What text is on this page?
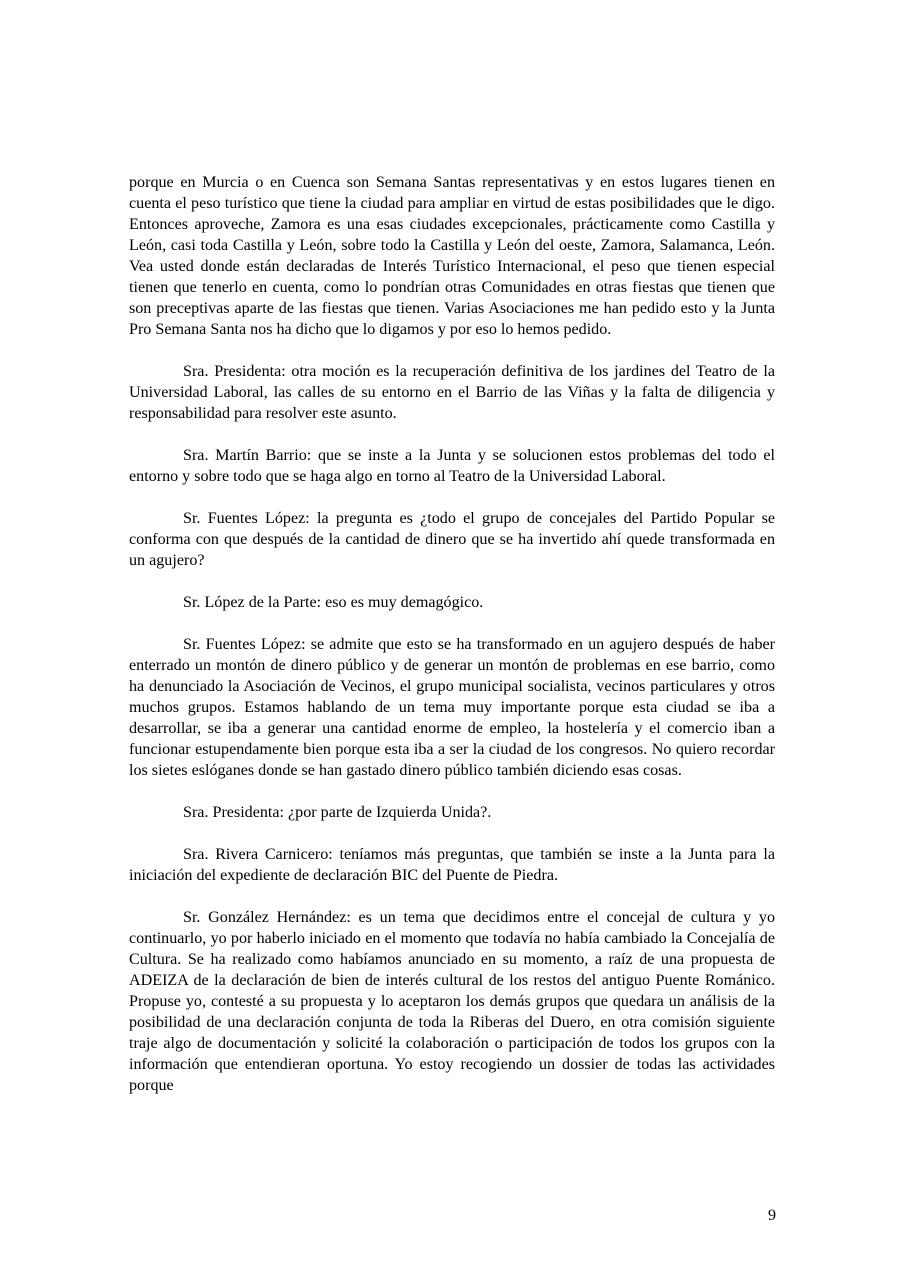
porque en Murcia o en Cuenca son Semana Santas representativas y en estos lugares tienen en cuenta el peso turístico que tiene la ciudad para ampliar en virtud de estas posibilidades que le digo. Entonces aproveche, Zamora es una esas ciudades excepcionales, prácticamente como Castilla y León, casi toda Castilla y León, sobre todo la Castilla y León del oeste, Zamora, Salamanca, León. Vea usted donde están declaradas de Interés Turístico Internacional, el peso que tienen especial tienen que tenerlo en cuenta, como lo pondrían otras Comunidades en otras fiestas que tienen que son preceptivas aparte de las fiestas que tienen. Varias Asociaciones me han pedido esto y la Junta Pro Semana Santa nos ha dicho que lo digamos y por eso lo hemos pedido.

Sra. Presidenta: otra moción es la recuperación definitiva de los jardines del Teatro de la Universidad Laboral, las calles de su entorno en el Barrio de las Viñas y la falta de diligencia y responsabilidad para resolver este asunto.

Sra. Martín Barrio: que se inste a la Junta y se solucionen estos problemas del todo el entorno y sobre todo que se haga algo en torno al Teatro de la Universidad Laboral.

Sr. Fuentes López: la pregunta es ¿todo el grupo de concejales del Partido Popular se conforma con que después de la cantidad de dinero que se ha invertido ahí quede transformada en un agujero?

Sr. López de la Parte: eso es muy demagógico.

Sr. Fuentes López: se admite que esto se ha transformado en un agujero después de haber enterrado un montón de dinero público y de generar un montón de problemas en ese barrio, como ha denunciado la Asociación de Vecinos, el grupo municipal socialista, vecinos particulares y otros muchos grupos. Estamos hablando de un tema muy importante porque esta ciudad se iba a desarrollar, se iba a generar una cantidad enorme de empleo, la hostelería y el comercio iban a funcionar estupendamente bien porque esta iba a ser la ciudad de los congresos. No quiero recordar los sietes eslóganes donde se han gastado dinero público también diciendo esas cosas.

Sra. Presidenta: ¿por parte de Izquierda Unida?.

Sra. Rivera Carnicero: teníamos más preguntas, que también se inste a la Junta para la iniciación del expediente de declaración BIC del Puente de Piedra.

Sr. González Hernández: es un tema que decidimos entre el concejal de cultura y yo continuarlo, yo por haberlo iniciado en el momento que todavía no había cambiado la Concejalía de Cultura. Se ha realizado como habíamos anunciado en su momento, a raíz de una propuesta de ADEIZA de la declaración de bien de interés cultural de los restos del antiguo Puente Románico. Propuse yo, contesté a su propuesta y lo aceptaron los demás grupos que quedara un análisis de la posibilidad de una declaración conjunta de toda la Riberas del Duero, en otra comisión siguiente traje algo de documentación y solicité la colaboración o participación de todos los grupos con la información que entendieran oportuna. Yo estoy recogiendo un dossier de todas las actividades porque

9
